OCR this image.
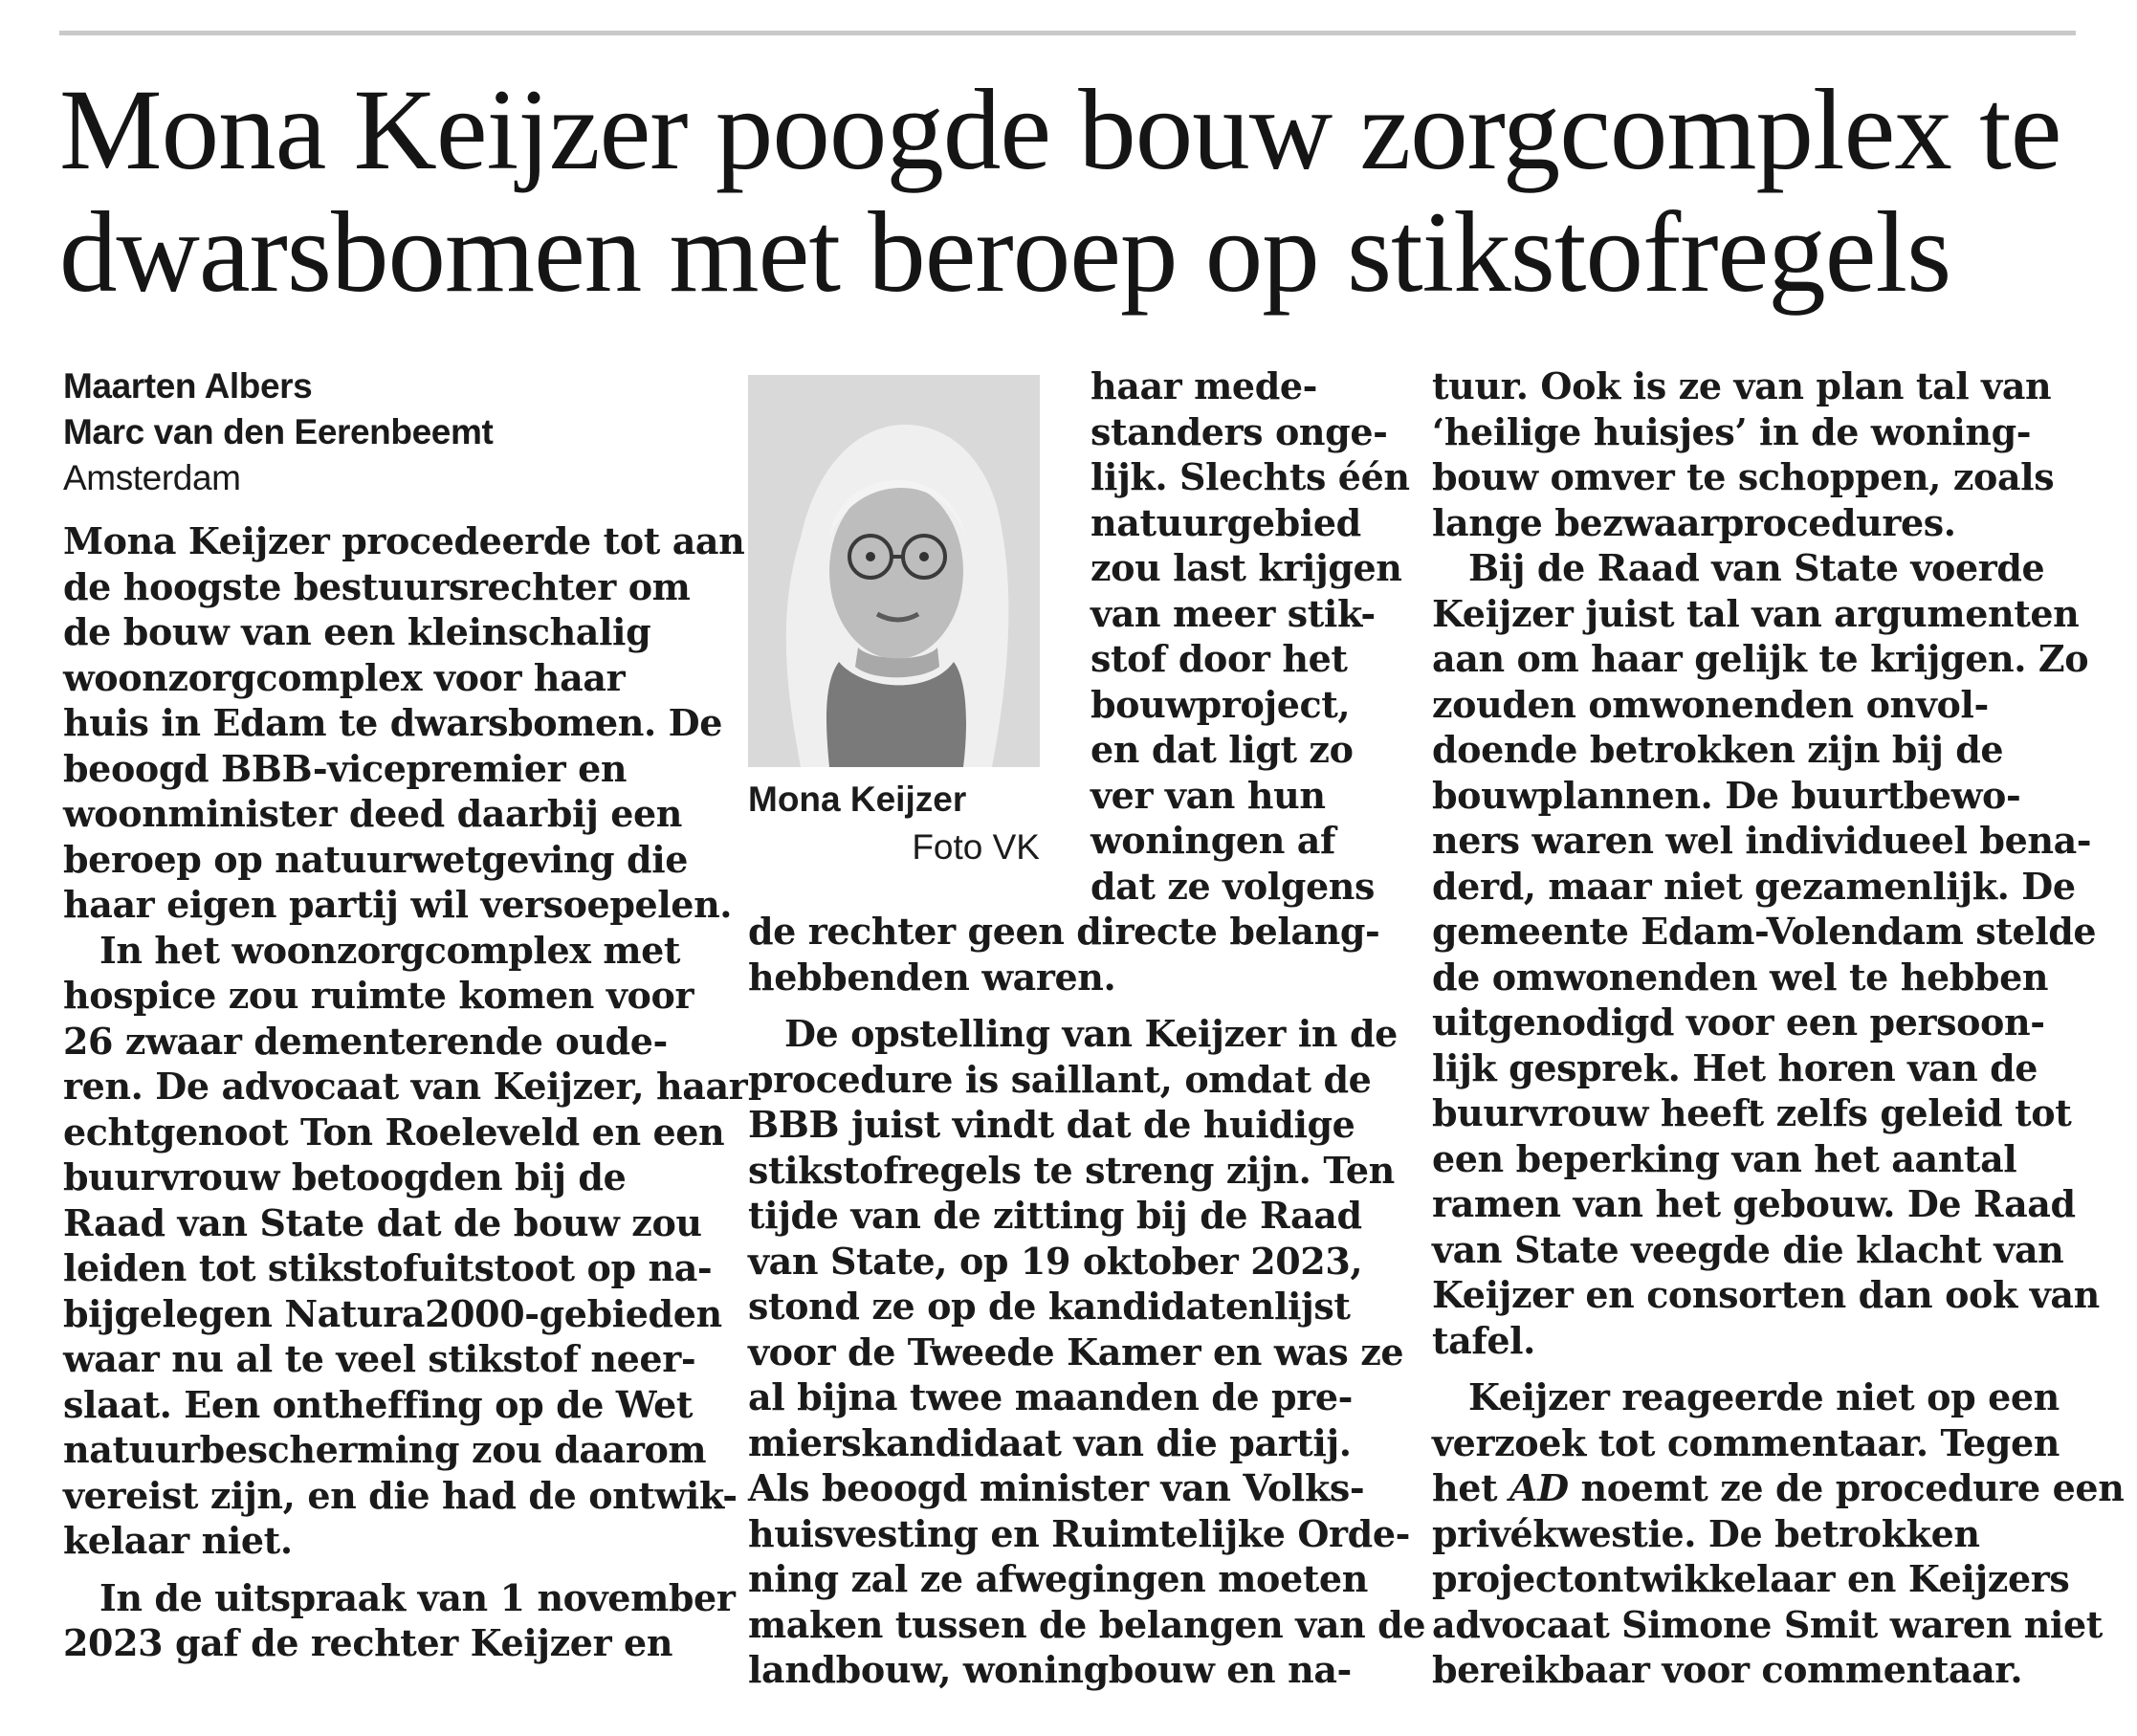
Mona Keijzer poogde bouw zorgcomplex te
dwarsbomen met beroep op stikstofregels
Maarten Albers
Marc van den Eerenbeemt
Amsterdam
Mona Keijzer procedeerde tot aan
de hoogste bestuursrechter om
de bouw van een kleinschalig
woonzorgcomplex voor haar
huis in Edam te dwarsbomen. De
beoogd BBB-vicepremier en
woonminister deed daarbij een
beroep op natuurwetgeving die
haar eigen partij wil versoepelen.
In het woonzorgcomplex met
hospice zou ruimte komen voor
26 zwaar dementerende oude-
ren. De advocaat van Keijzer, haar
echtgenoot Ton Roeleveld en een
buurvrouw betoogden bij de
Raad van State dat de bouw zou
leiden tot stikstofuitstoot op na-
bijgelegen Natura2000-gebieden
waar nu al te veel stikstof neer-
slaat. Een ontheffing op de Wet
natuurbescherming zou daarom
vereist zijn, en die had de ontwik-
kelaar niet.
In de uitspraak van 1 november
2023 gaf de rechter Keijzer en
Mona Keijzer
Foto VK
haar mede-
standers onge-
lijk. Slechts één
natuurgebied
zou last krijgen
van meer stik-
stof door het
bouwproject,
en dat ligt zo
ver van hun
woningen af
dat ze volgens
de rechter geen directe belang-
hebbenden waren.
De opstelling van Keijzer in de
procedure is saillant, omdat de
BBB juist vindt dat de huidige
stikstofregels te streng zijn. Ten
tijde van de zitting bij de Raad
van State, op 19 oktober 2023,
stond ze op de kandidatenlijst
voor de Tweede Kamer en was ze
al bijna twee maanden de pre-
mierskandidaat van die partij.
Als beoogd minister van Volks-
huisvesting en Ruimtelijke Orde-
ning zal ze afwegingen moeten
maken tussen de belangen van de
landbouw, woningbouw en na-
tuur. Ook is ze van plan tal van
‘heilige huisjes’ in de woning-
bouw omver te schoppen, zoals
lange bezwaarprocedures.
Bij de Raad van State voerde
Keijzer juist tal van argumenten
aan om haar gelijk te krijgen. Zo
zouden omwonenden onvol-
doende betrokken zijn bij de
bouwplannen. De buurtbewo-
ners waren wel individueel bena-
derd, maar niet gezamenlijk. De
gemeente Edam-Volendam stelde
de omwonenden wel te hebben
uitgenodigd voor een persoon-
lijk gesprek. Het horen van de
buurvrouw heeft zelfs geleid tot
een beperking van het aantal
ramen van het gebouw. De Raad
van State veegde die klacht van
Keijzer en consorten dan ook van
tafel.
Keijzer reageerde niet op een
verzoek tot commentaar. Tegen
het AD noemt ze de procedure een
privékwestie. De betrokken
projectontwikkelaar en Keijzers
advocaat Simone Smit waren niet
bereikbaar voor commentaar.
